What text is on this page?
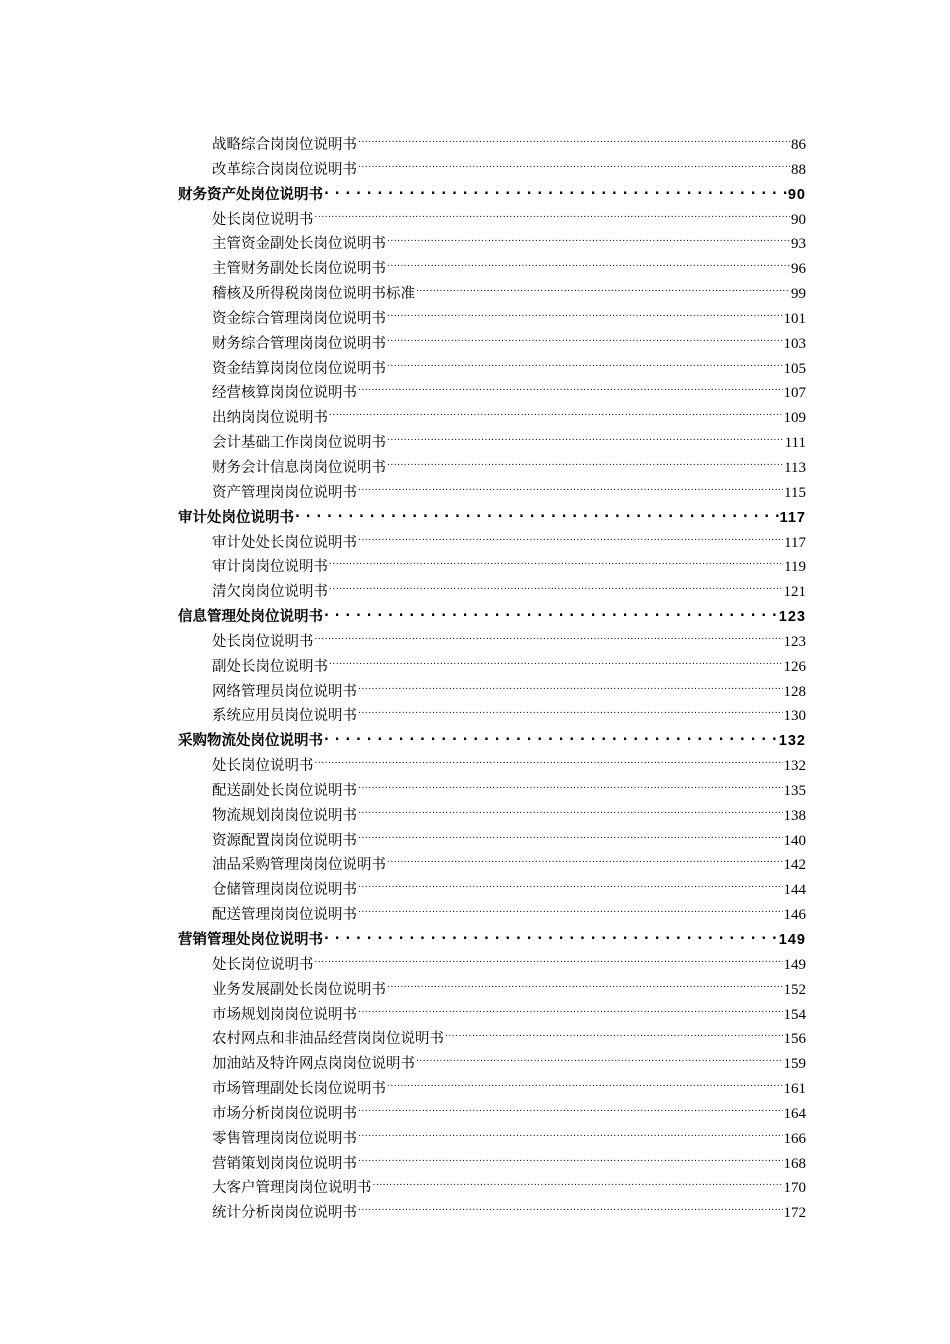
战略综合岗岗位说明书 .....	86
改革综合岗岗位说明书 .....	88
财务资产处岗位说明书 . . .	90
处长岗位说明书 .....	90
主管资金副处长岗位说明书 .....	93
主管财务副处长岗位说明书 .....	96
稽核及所得税岗岗位说明书标准 .....	99
资金综合管理岗岗位说明书 .....	101
财务综合管理岗岗位说明书 .....	103
资金结算岗岗位岗位说明书 .....	105
经营核算岗岗位说明书 .....	107
出纳岗岗位说明书 .....	109
会计基础工作岗岗位说明书 .....	111
财务会计信息岗岗位说明书 .....	113
资产管理岗岗位说明书 .....	115
审计处岗位说明书 . . .	117
审计处处长岗位说明书 .....	117
审计岗岗位说明书 .....	119
清欠岗岗位说明书 .....	121
信息管理处岗位说明书 . . .	123
处长岗位说明书 .....	123
副处长岗位说明书 .....	126
网络管理员岗位说明书 .....	128
系统应用员岗位说明书 .....	130
采购物流处岗位说明书 . . .	132
处长岗位说明书 .....	132
配送副处长岗位说明书 .....	135
物流规划岗岗位说明书 .....	138
资源配置岗岗位说明书 .....	140
油品采购管理岗岗位说明书 .....	142
仓储管理岗岗位说明书 .....	144
配送管理岗岗位说明书 .....	146
营销管理处岗位说明书 . . .	149
处长岗位说明书 .....	149
业务发展副处长岗位说明书 .....	152
市场规划岗岗位说明书 .....	154
农村网点和非油品经营岗岗位说明书 .....	156
加油站及特许网点岗岗位说明书 .....	159
市场管理副处长岗位说明书 .....	161
市场分析岗岗位说明书 .....	164
零售管理岗岗位说明书 .....	166
营销策划岗岗位说明书 .....	168
大客户管理岗岗位说明书 .....	170
统计分析岗岗位说明书 .....	172
